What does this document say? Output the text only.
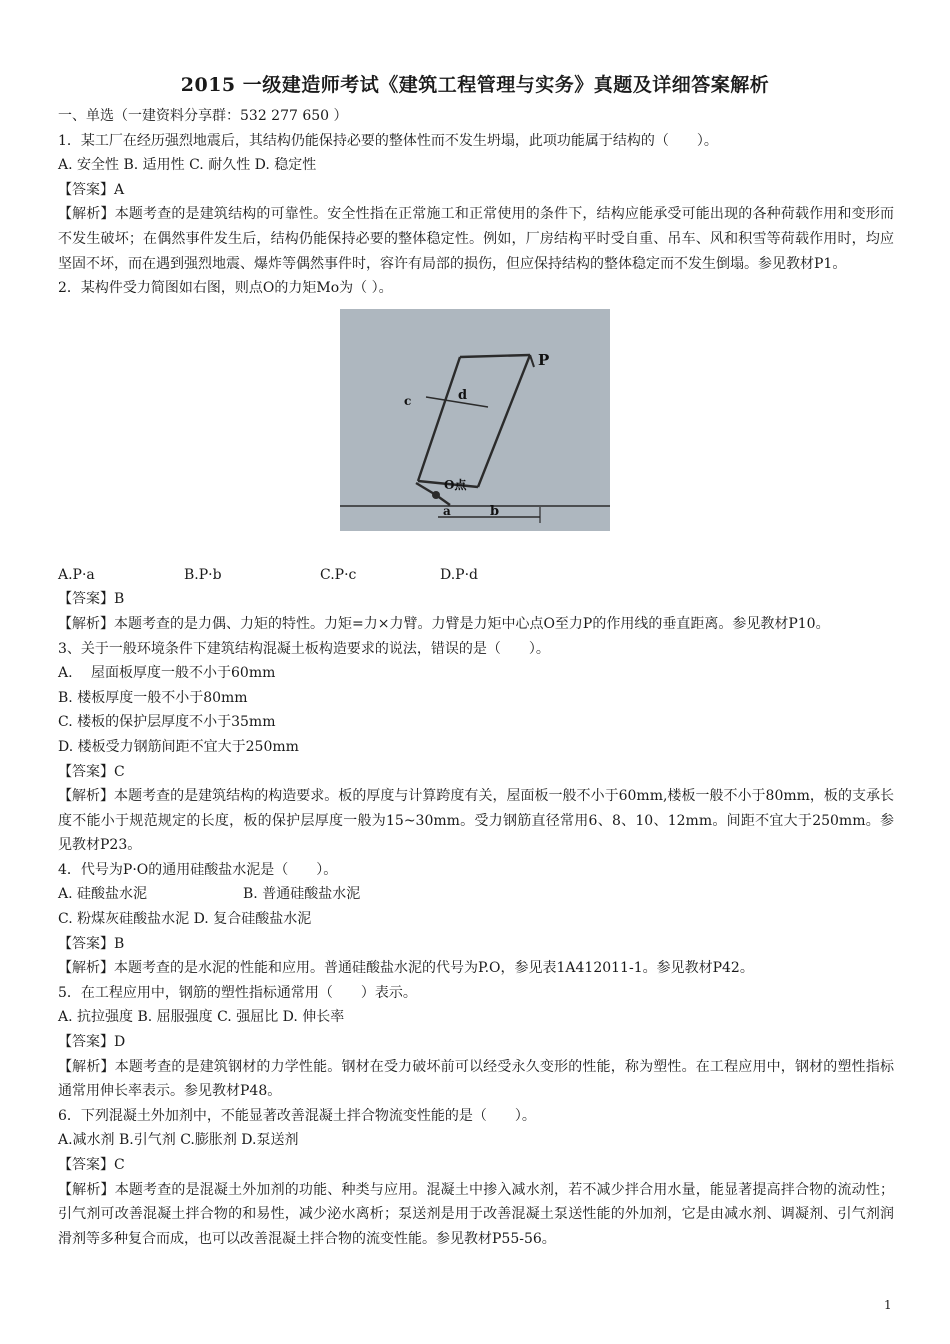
2015 一级建造师考试《建筑工程管理与实务》真题及详细答案解析
一、单选（一建资料分享群：532 277 650 ）
1．某工厂在经历强烈地震后，其结构仍能保持必要的整体性而不发生坍塌，此项功能属于结构的（　　）。
A. 安全性 B. 适用性 C. 耐久性 D. 稳定性
【答案】A
【解析】本题考查的是建筑结构的可靠性。安全性指在正常施工和正常使用的条件下，结构应能承受可能出现的各种荷载作用和变形而不发生破坏；在偶然事件发生后，结构仍能保持必要的整体稳定性。例如，厂房结构平时受自重、吊车、风和积雪等荷载作用时，均应坚固不坏，而在遇到强烈地震、爆炸等偶然事件时，容许有局部的损伤，但应保持结构的整体稳定而不发生倒塌。参见教材P1。
2．某构件受力简图如右图，则点O的力矩Mo为（ ）。
P
d
c
a	b
O点
A.P·a	B.P·b	C.P·c	D.P·d
【答案】B
【解析】本题考查的是力偶、力矩的特性。力矩=力×力臂。力臂是力矩中心点O至力P的作用线的垂直距离。参见教材P10。
3、关于一般环境条件下建筑结构混凝土板构造要求的说法，错误的是（　　）。
A.　 屋面板厚度一般不小于60mm
B. 楼板厚度一般不小于80mm
C. 楼板的保护层厚度不小于35mm
D. 楼板受力钢筋间距不宜大于250mm
【答案】C
【解析】本题考查的是建筑结构的构造要求。板的厚度与计算跨度有关，屋面板一般不小于60mm,楼板一般不小于80mm，板的支承长度不能小于规范规定的长度，板的保护层厚度一般为15~30mm。受力钢筋直径常用6、8、10、12mm。间距不宜大于250mm。参见教材P23。
4．代号为P·O的通用硅酸盐水泥是（　　）。
A. 硅酸盐水泥	B. 普通硅酸盐水泥
C. 粉煤灰硅酸盐水泥 D. 复合硅酸盐水泥
【答案】B
【解析】本题考查的是水泥的性能和应用。普通硅酸盐水泥的代号为P.O，参见表1A412011-1。参见教材P42。
5．在工程应用中，钢筋的塑性指标通常用（　　）表示。
A. 抗拉强度 B. 屈服强度 C. 强屈比 D. 伸长率
【答案】D
【解析】本题考查的是建筑钢材的力学性能。钢材在受力破坏前可以经受永久变形的性能，称为塑性。在工程应用中，钢材的塑性指标通常用伸长率表示。参见教材P48。
6．下列混凝土外加剂中，不能显著改善混凝土拌合物流变性能的是（　　）。
A.减水剂 B.引气剂 C.膨胀剂 D.泵送剂
【答案】C
【解析】本题考查的是混凝土外加剂的功能、种类与应用。混凝土中掺入减水剂，若不减少拌合用水量，能显著提高拌合物的流动性；引气剂可改善混凝土拌合物的和易性，减少泌水离析；泵送剂是用于改善混凝土泵送性能的外加剂，它是由减水剂、调凝剂、引气剂润滑剂等多种复合而成，也可以改善混凝土拌合物的流变性能。参见教材P55-56。
1
